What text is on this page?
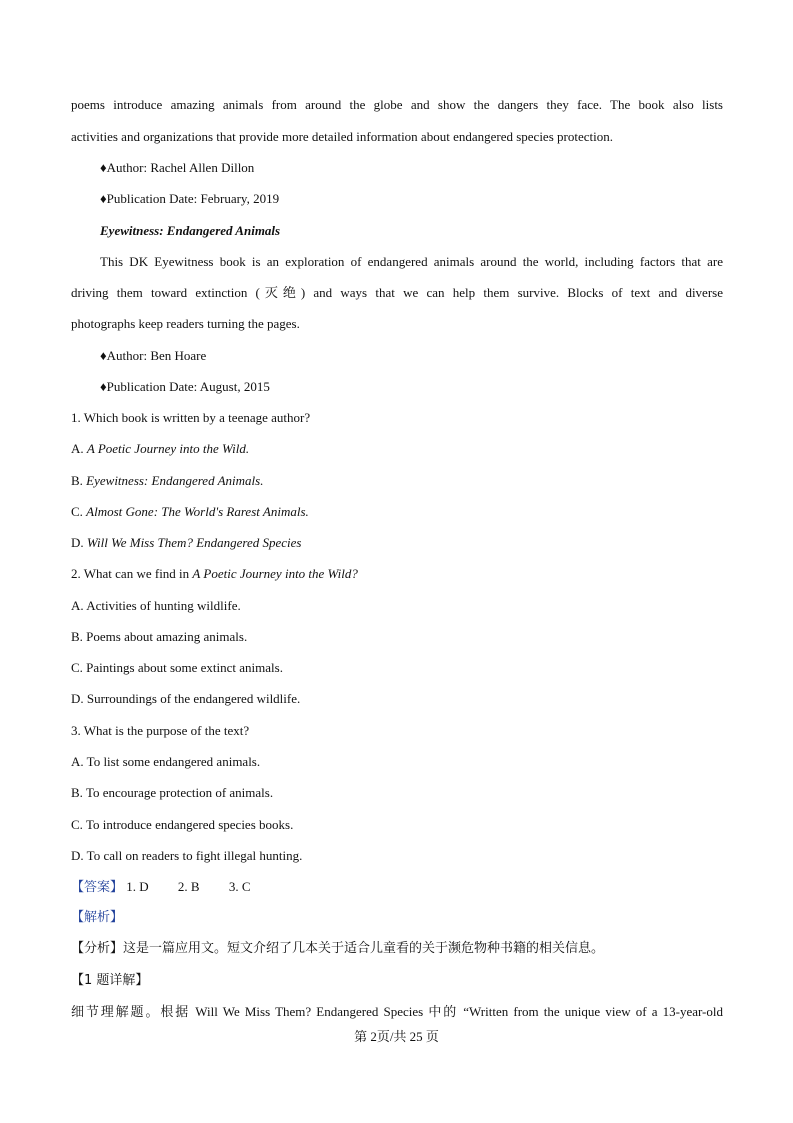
poems introduce amazing animals from around the globe and show the dangers they face. The book also lists
activities and organizations that provide more detailed information about endangered species protection.
♦Author: Rachel Allen Dillon
♦Publication Date: February, 2019
Eyewitness: Endangered Animals
This DK Eyewitness book is an exploration of endangered animals around the world, including factors that are
driving them toward extinction (灭绝) and ways that we can help them survive. Blocks of text and diverse
photographs keep readers turning the pages.
♦Author: Ben Hoare
♦Publication Date: August, 2015
1. Which book is written by a teenage author?
A. A Poetic Journey into the Wild.
B. Eyewitness: Endangered Animals.
C. Almost Gone: The World's Rarest Animals.
D. Will We Miss Them? Endangered Species
2. What can we find in A Poetic Journey into the Wild?
A. Activities of hunting wildlife.
B. Poems about amazing animals.
C. Paintings about some extinct animals.
D. Surroundings of the endangered wildlife.
3. What is the purpose of the text?
A. To list some endangered animals.
B. To encourage protection of animals.
C. To introduce endangered species books.
D. To call on readers to fight illegal hunting.
【答案】 1. D 2. B 3. C
【解析】
【分析】这是一篇应用文。短文介绍了几本关于适合儿童看的关于濒危物种书籍的相关信息。
【1 题详解】
细节理解题。根据 Will We Miss Them? Endangered Species 中的 “Written from the unique view of a 13-year-old
第 2页/共 25 页
